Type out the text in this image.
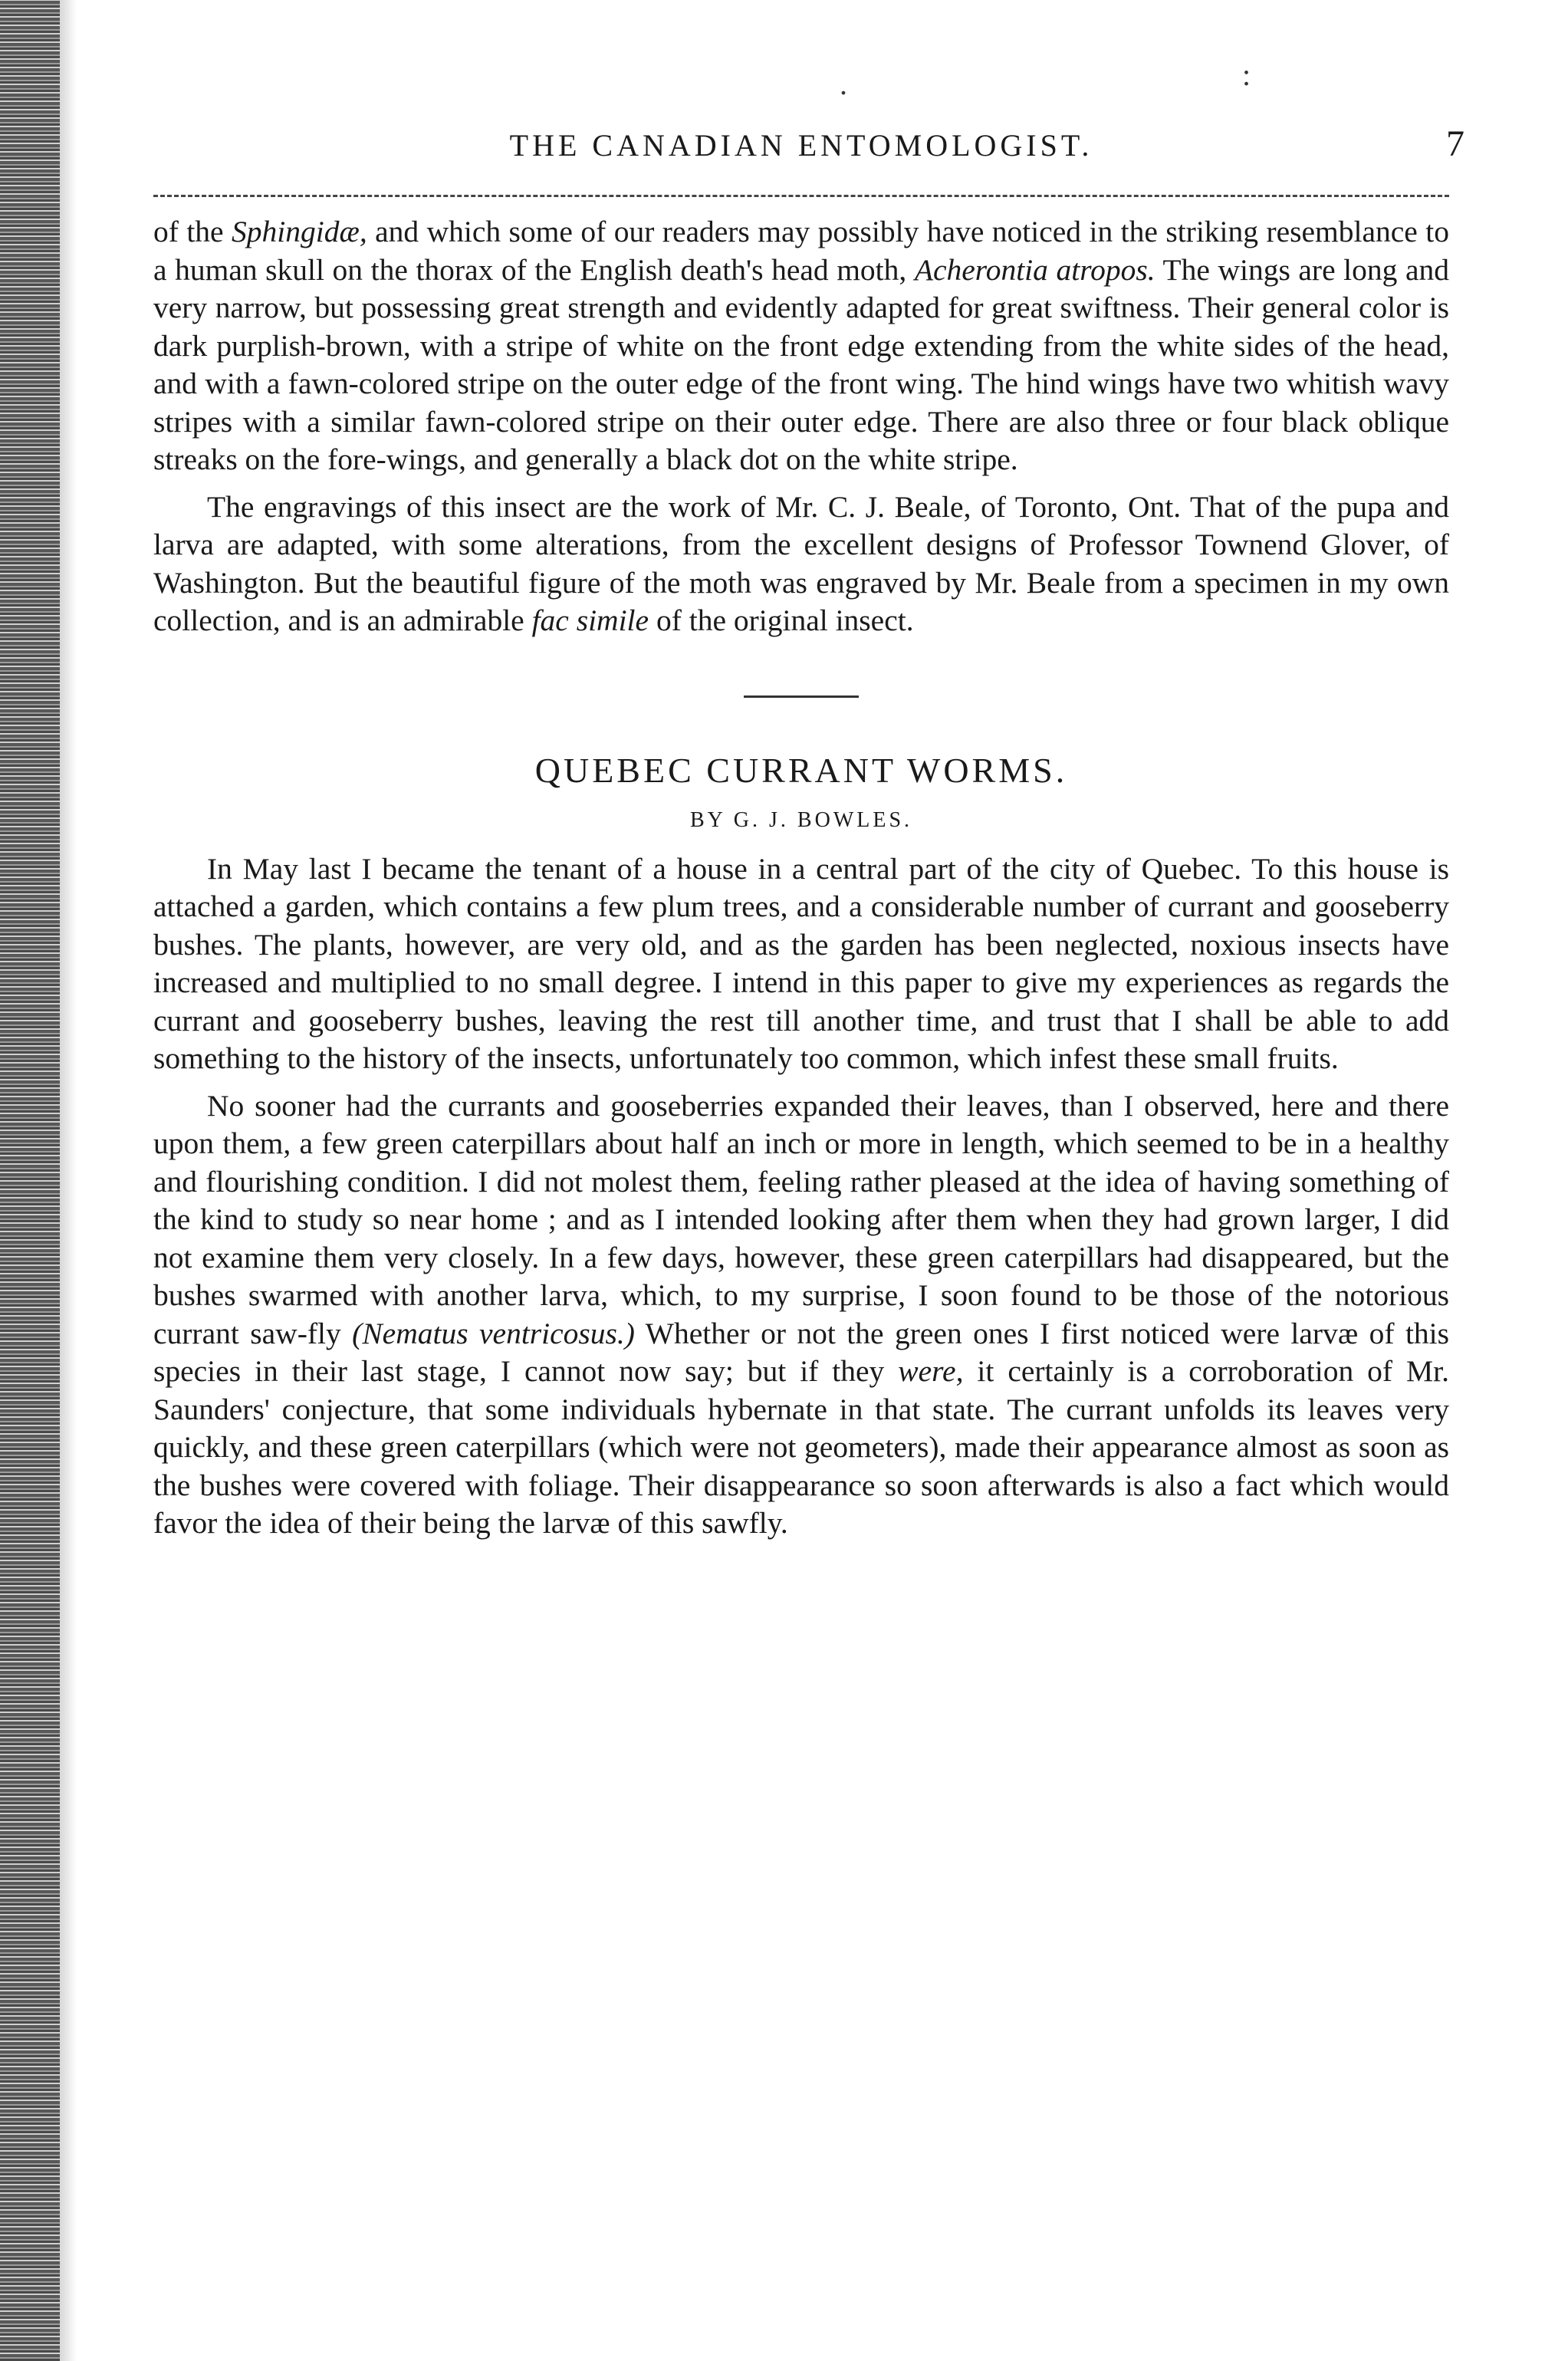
.	:
THE CANADIAN ENTOMOLOGIST.	7

of the Sphingidæ, and which some of our readers may possibly have noticed in the striking resemblance to a human skull on the thorax of the English death's head moth, Acherontia atropos. The wings are long and very narrow, but possessing great strength and evidently adapted for great swiftness. Their general color is dark purplish-brown, with a stripe of white on the front edge extending from the white sides of the head, and with a fawn-colored stripe on the outer edge of the front wing. The hind wings have two whitish wavy stripes with a similar fawn-colored stripe on their outer edge. There are also three or four black oblique streaks on the fore-wings, and generally a black dot on the white stripe.

The engravings of this insect are the work of Mr. C. J. Beale, of Toronto, Ont. That of the pupa and larva are adapted, with some alterations, from the excellent designs of Professor Townend Glover, of Washington. But the beautiful figure of the moth was engraved by Mr. Beale from a specimen in my own collection, and is an admirable fac simile of the original insect.

QUEBEC CURRANT WORMS.
BY G. J. BOWLES.

In May last I became the tenant of a house in a central part of the city of Quebec. To this house is attached a garden, which contains a few plum trees, and a considerable number of currant and gooseberry bushes. The plants, however, are very old, and as the garden has been neglected, noxious insects have increased and multiplied to no small degree. I intend in this paper to give my experiences as regards the currant and gooseberry bushes, leaving the rest till another time, and trust that I shall be able to add something to the history of the insects, unfortunately too common, which infest these small fruits.

No sooner had the currants and gooseberries expanded their leaves, than I observed, here and there upon them, a few green caterpillars about half an inch or more in length, which seemed to be in a healthy and flourishing condition. I did not molest them, feeling rather pleased at the idea of having something of the kind to study so near home ; and as I intended looking after them when they had grown larger, I did not examine them very closely. In a few days, however, these green caterpillars had disappeared, but the bushes swarmed with another larva, which, to my surprise, I soon found to be those of the notorious currant saw-fly (Nematus ventricosus.) Whether or not the green ones I first noticed were larvæ of this species in their last stage, I cannot now say; but if they were, it certainly is a corroboration of Mr. Saunders' conjecture, that some individuals hybernate in that state. The currant unfolds its leaves very quickly, and these green caterpillars (which were not geometers), made their appearance almost as soon as the bushes were covered with foliage. Their disappearance so soon afterwards is also a fact which would favor the idea of their being the larvæ of this sawfly.
